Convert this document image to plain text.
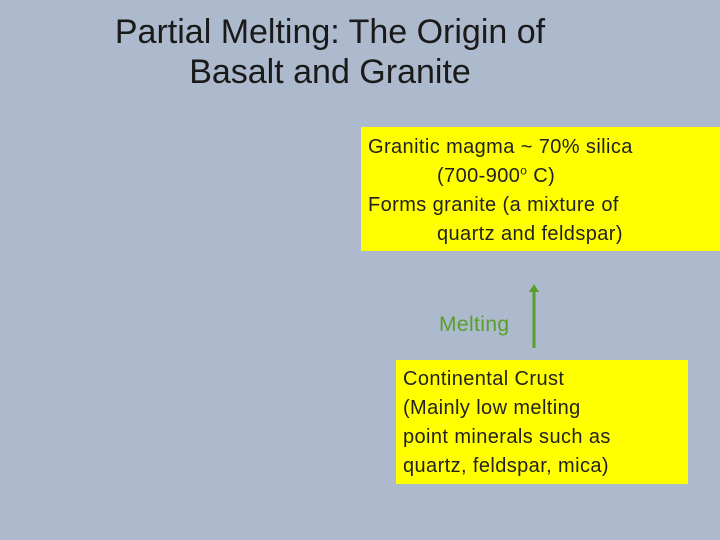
Partial Melting: The Origin of
Basalt and Granite
Granitic magma ~ 70% silica
(700-900$^o$ C)
Forms granite (a mixture of
quartz and feldspar)
Melting
Continental Crust
(Mainly low melting
point minerals such as
quartz, feldspar, mica)
